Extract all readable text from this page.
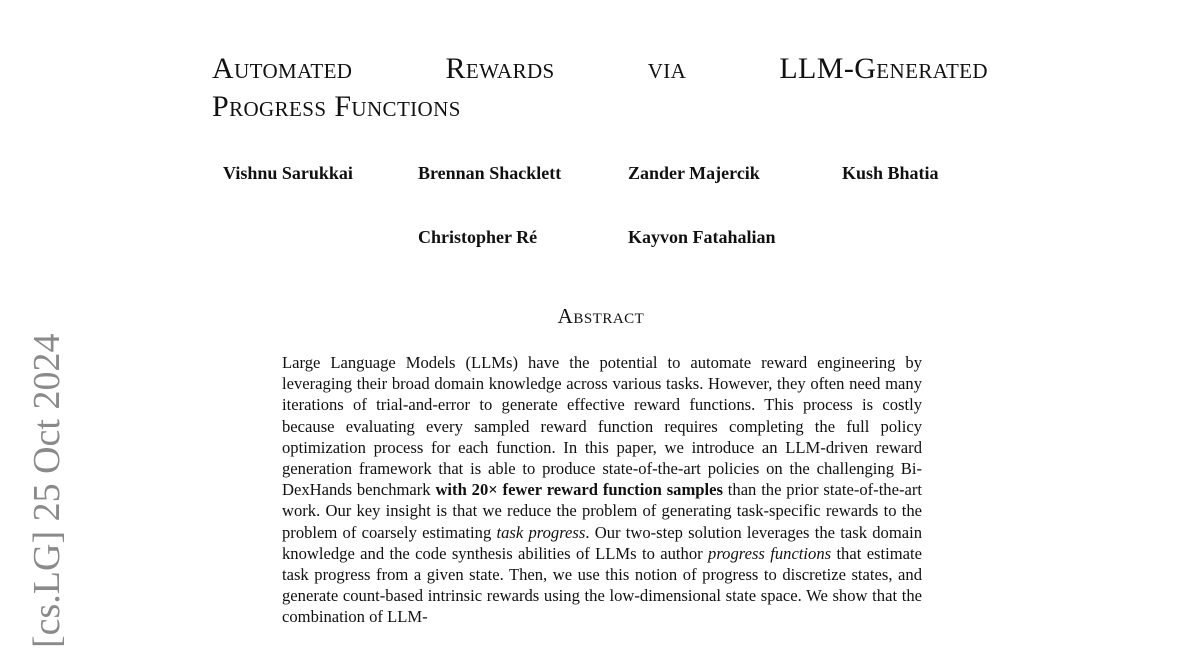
[cs.LG] 25 Oct 2024
Automated	Rewards	via	LLM-Generated
Progress Functions
Vishnu Sarukkai	Brennan Shacklett	Zander Majercik	Kush Bhatia
Christopher Ré	Kayvon Fatahalian
Abstract

Large Language Models (LLMs) have the potential to automate reward engineering by leveraging their broad domain knowledge across various tasks. However, they often need many iterations of trial-and-error to generate effective reward functions. This process is costly because evaluating every sampled reward function requires completing the full policy optimization process for each function. In this paper, we introduce an LLM-driven reward generation framework that is able to produce state-of-the-art policies on the challenging Bi-DexHands benchmark with 20× fewer reward function samples than the prior state-of-the-art work. Our key insight is that we reduce the problem of generating task-specific rewards to the problem of coarsely estimating task progress. Our two-step solution leverages the task domain knowledge and the code synthesis abilities of LLMs to author progress functions that estimate task progress from a given state. Then, we use this notion of progress to discretize states, and generate count-based intrinsic rewards using the low-dimensional state space. We show that the combination of LLM-
